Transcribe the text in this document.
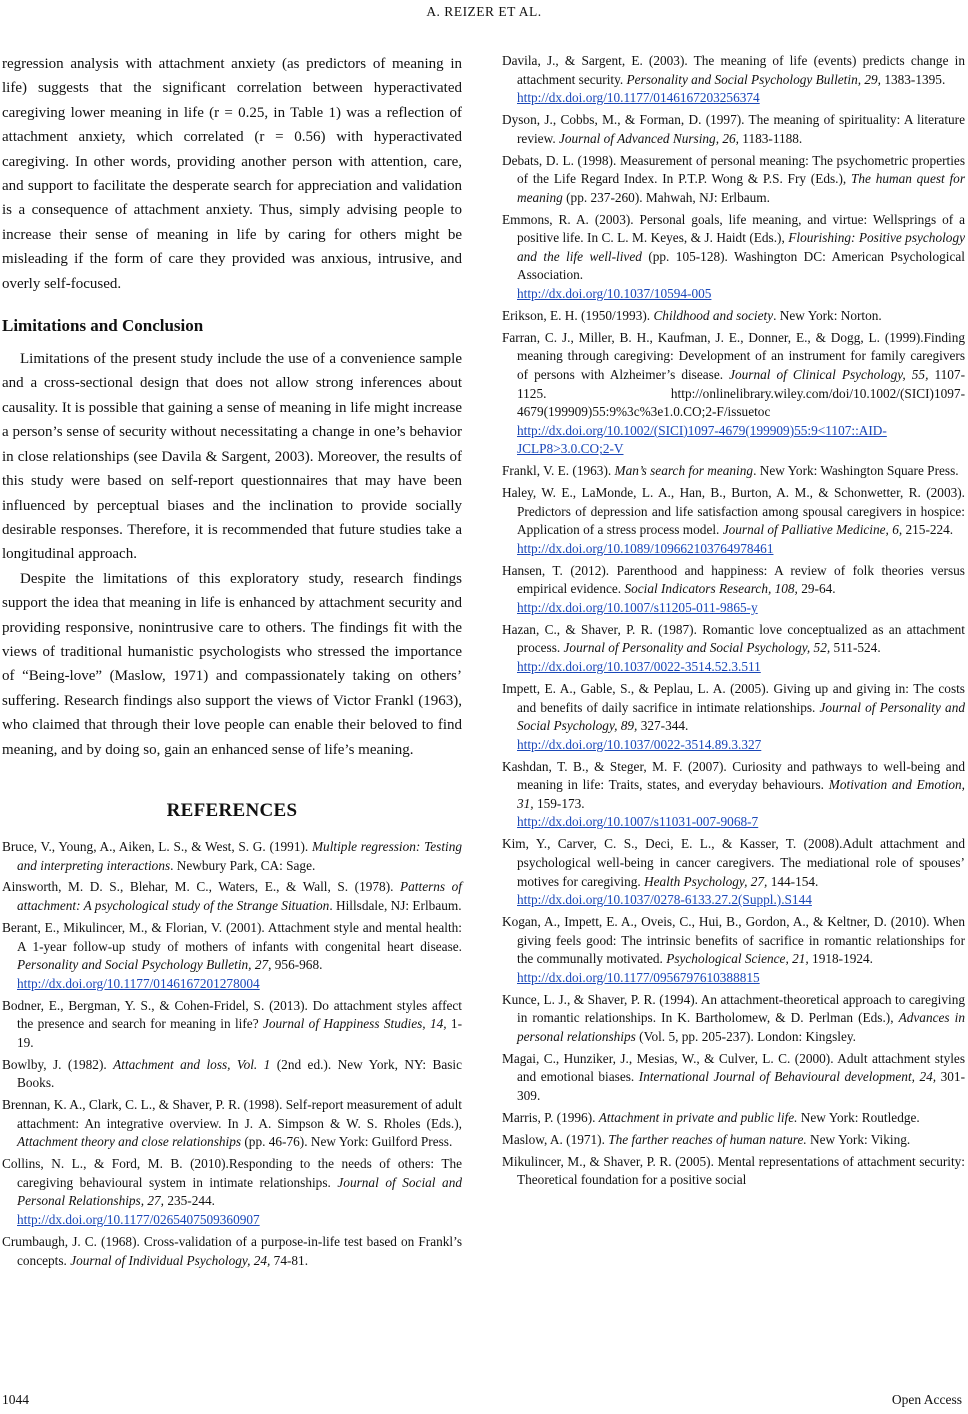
A. REIZER ET AL.

regression analysis with attachment anxiety (as predictors of meaning in life) suggests that the significant correlation between hyperactivated caregiving lower meaning in life (r = 0.25, in Table 1) was a reflection of attachment anxiety, which correlated (r = 0.56) with hyperactivated caregiving. In other words, providing another person with attention, care, and support to facilitate the desperate search for appreciation and validation is a consequence of attachment anxiety. Thus, simply advising people to increase their sense of meaning in life by caring for others might be misleading if the form of care they provided was anxious, intrusive, and overly self-focused.

Limitations and Conclusion

Limitations of the present study include the use of a convenience sample and a cross-sectional design that does not allow strong inferences about causality. It is possible that gaining a sense of meaning in life might increase a person’s sense of security without necessitating a change in one’s behavior in close relationships (see Davila & Sargent, 2003). Moreover, the results of this study were based on self-report questionnaires that may have been influenced by perceptual biases and the inclination to provide socially desirable responses. Therefore, it is recommended that future studies take a longitudinal approach.

Despite the limitations of this exploratory study, research findings support the idea that meaning in life is enhanced by attachment security and providing responsive, nonintrusive care to others. The findings fit with the views of traditional humanistic psychologists who stressed the importance of “Being-love” (Maslow, 1971) and compassionately taking on others’ suffering. Research findings also support the views of Victor Frankl (1963), who claimed that through their love people can enable their beloved to find meaning, and by doing so, gain an enhanced sense of life’s meaning.

REFERENCES

Bruce, V., Young, A., Aiken, L. S., & West, S. G. (1991). Multiple regression: Testing and interpreting interactions. Newbury Park, CA: Sage.

Ainsworth, M. D. S., Blehar, M. C., Waters, E., & Wall, S. (1978). Patterns of attachment: A psychological study of the Strange Situation. Hillsdale, NJ: Erlbaum.

Berant, E., Mikulincer, M., & Florian, V. (2001). Attachment style and mental health: A 1-year follow-up study of mothers of infants with congenital heart disease. Personality and Social Psychology Bulletin, 27, 956-968.
http://dx.doi.org/10.1177/0146167201278004

Bodner, E., Bergman, Y. S., & Cohen-Fridel, S. (2013). Do attachment styles affect the presence and search for meaning in life? Journal of Happiness Studies, 14, 1-19.

Bowlby, J. (1982). Attachment and loss, Vol. 1 (2nd ed.). New York, NY: Basic Books.

Brennan, K. A., Clark, C. L., & Shaver, P. R. (1998). Self-report measurement of adult attachment: An integrative overview. In J. A. Simpson & W. S. Rholes (Eds.), Attachment theory and close relationships (pp. 46-76). New York: Guilford Press.

Collins, N. L., & Ford, M. B. (2010).Responding to the needs of others: The caregiving behavioural system in intimate relationships. Journal of Social and Personal Relationships, 27, 235-244.
http://dx.doi.org/10.1177/0265407509360907

Crumbaugh, J. C. (1968). Cross-validation of a purpose-in-life test based on Frankl’s concepts. Journal of Individual Psychology, 24, 74-81.

Davila, J., & Sargent, E. (2003). The meaning of life (events) predicts change in attachment security. Personality and Social Psychology Bulletin, 29, 1383-1395.
http://dx.doi.org/10.1177/0146167203256374

Dyson, J., Cobbs, M., & Forman, D. (1997). The meaning of spirituality: A literature review. Journal of Advanced Nursing, 26, 1183-1188.

Debats, D. L. (1998). Measurement of personal meaning: The psychometric properties of the Life Regard Index. In P.T.P. Wong & P.S. Fry (Eds.), The human quest for meaning (pp. 237-260). Mahwah, NJ: Erlbaum.

Emmons, R. A. (2003). Personal goals, life meaning, and virtue: Wellsprings of a positive life. In C. L. M. Keyes, & J. Haidt (Eds.), Flourishing: Positive psychology and the life well-lived (pp. 105-128). Washington DC: American Psychological Association.
http://dx.doi.org/10.1037/10594-005

Erikson, E. H. (1950/1993). Childhood and society. New York: Norton.

Farran, C. J., Miller, B. H., Kaufman, J. E., Donner, E., & Dogg, L. (1999).Finding meaning through caregiving: Development of an instrument for family caregivers of persons with Alzheimer’s disease. Journal of Clinical Psychology, 55, 1107-1125. http://onlinelibrary.wiley.com/doi/10.1002/(SICI)1097-4679(199909)55:9%3c%3e1.0.CO;2-F/issuetoc
http://dx.doi.org/10.1002/(SICI)1097-4679(199909)55:9<1107::AID-JCLP8>3.0.CO;2-V

Frankl, V. E. (1963). Man’s search for meaning. New York: Washington Square Press.

Haley, W. E., LaMonde, L. A., Han, B., Burton, A. M., & Schonwetter, R. (2003). Predictors of depression and life satisfaction among spousal caregivers in hospice: Application of a stress process model. Journal of Palliative Medicine, 6, 215-224.
http://dx.doi.org/10.1089/109662103764978461

Hansen, T. (2012). Parenthood and happiness: A review of folk theories versus empirical evidence. Social Indicators Research, 108, 29-64.
http://dx.doi.org/10.1007/s11205-011-9865-y

Hazan, C., & Shaver, P. R. (1987). Romantic love conceptualized as an attachment process. Journal of Personality and Social Psychology, 52, 511-524.
http://dx.doi.org/10.1037/0022-3514.52.3.511

Impett, E. A., Gable, S., & Peplau, L. A. (2005). Giving up and giving in: The costs and benefits of daily sacrifice in intimate relationships. Journal of Personality and Social Psychology, 89, 327-344.
http://dx.doi.org/10.1037/0022-3514.89.3.327

Kashdan, T. B., & Steger, M. F. (2007). Curiosity and pathways to well-being and meaning in life: Traits, states, and everyday behaviours. Motivation and Emotion, 31, 159-173.
http://dx.doi.org/10.1007/s11031-007-9068-7

Kim, Y., Carver, C. S., Deci, E. L., & Kasser, T. (2008).Adult attachment and psychological well-being in cancer caregivers. The mediational role of spouses’ motives for caregiving. Health Psychology, 27, 144-154.
http://dx.doi.org/10.1037/0278-6133.27.2(Suppl.).S144

Kogan, A., Impett, E. A., Oveis, C., Hui, B., Gordon, A., & Keltner, D. (2010). When giving feels good: The intrinsic benefits of sacrifice in romantic relationships for the communally motivated. Psychological Science, 21, 1918-1924.
http://dx.doi.org/10.1177/0956797610388815

Kunce, L. J., & Shaver, P. R. (1994). An attachment-theoretical approach to caregiving in romantic relationships. In K. Bartholomew, & D. Perlman (Eds.), Advances in personal relationships (Vol. 5, pp. 205-237). London: Kingsley.

Magai, C., Hunziker, J., Mesias, W., & Culver, L. C. (2000). Adult attachment styles and emotional biases. International Journal of Behavioural development, 24, 301-309.

Marris, P. (1996). Attachment in private and public life. New York: Routledge.

Maslow, A. (1971). The farther reaches of human nature. New York: Viking.

Mikulincer, M., & Shaver, P. R. (2005). Mental representations of attachment security: Theoretical foundation for a positive social

1044	Open Access
